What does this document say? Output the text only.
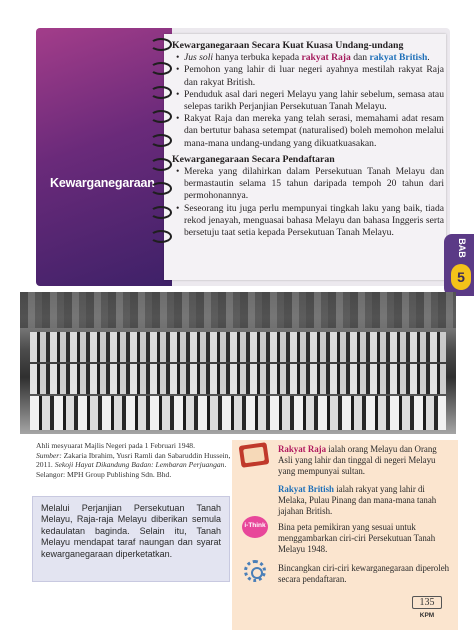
Kewarganegaraan
Kewarganegaraan Secara Kuat Kuasa Undang-undang
• Jus soli hanya terbuka kepada rakyat Raja dan rakyat British.
• Pemohon yang lahir di luar negeri ayahnya mestilah rakyat Raja dan rakyat British.
• Penduduk asal dari negeri Melayu yang lahir sebelum, semasa atau selepas tarikh Perjanjian Persekutuan Tanah Melayu.
• Rakyat Raja dan mereka yang telah serasi, memahami adat resam dan bertutur bahasa setempat (naturalised) boleh memohon melalui mana-mana undang-undang yang dikuatkuasakan.
Kewarganegaraan Secara Pendaftaran
• Mereka yang dilahirkan dalam Persekutuan Tanah Melayu dan bermastautin selama 15 tahun daripada tempoh 20 tahun dari permohonannya.
• Seseorang itu juga perlu mempunyai tingkah laku yang baik, tiada rekod jenayah, menguasai bahasa Melayu dan bahasa Inggeris serta bersetuju taat setia kepada Persekutuan Tanah Melayu.
BAB
5
Ahli mesyuarat Majlis Negeri pada 1 Februari 1948.
Sumber: Zakaria Ibrahim, Yusri Ramli dan Sabaruddin Hussein, 2011. Sekoji Hayat Dikandung Badan: Lembaran Perjuangan. Selangor: MPH Group Publishing Sdn. Bhd.
Melalui Perjanjian Persekutuan Tanah Melayu, Raja-raja Melayu diberikan semula kedaulatan baginda. Selain itu, Tanah Melayu mendapat taraf naungan dan syarat kewarganegaraan diperketatkan.
Rakyat Raja ialah orang Melayu dan Orang Asli yang lahir dan tinggal di negeri Melayu yang mempunyai sultan.
Rakyat British ialah rakyat yang lahir di Melaka, Pulau Pinang dan mana-mana tanah jajahan British.
i-Think Bina peta pemikiran yang sesuai untuk menggambarkan ciri-ciri Persekutuan Tanah Melayu 1948.
Bincangkan ciri-ciri kewarganegaraan diperoleh secara pendaftaran.
135
KPM
